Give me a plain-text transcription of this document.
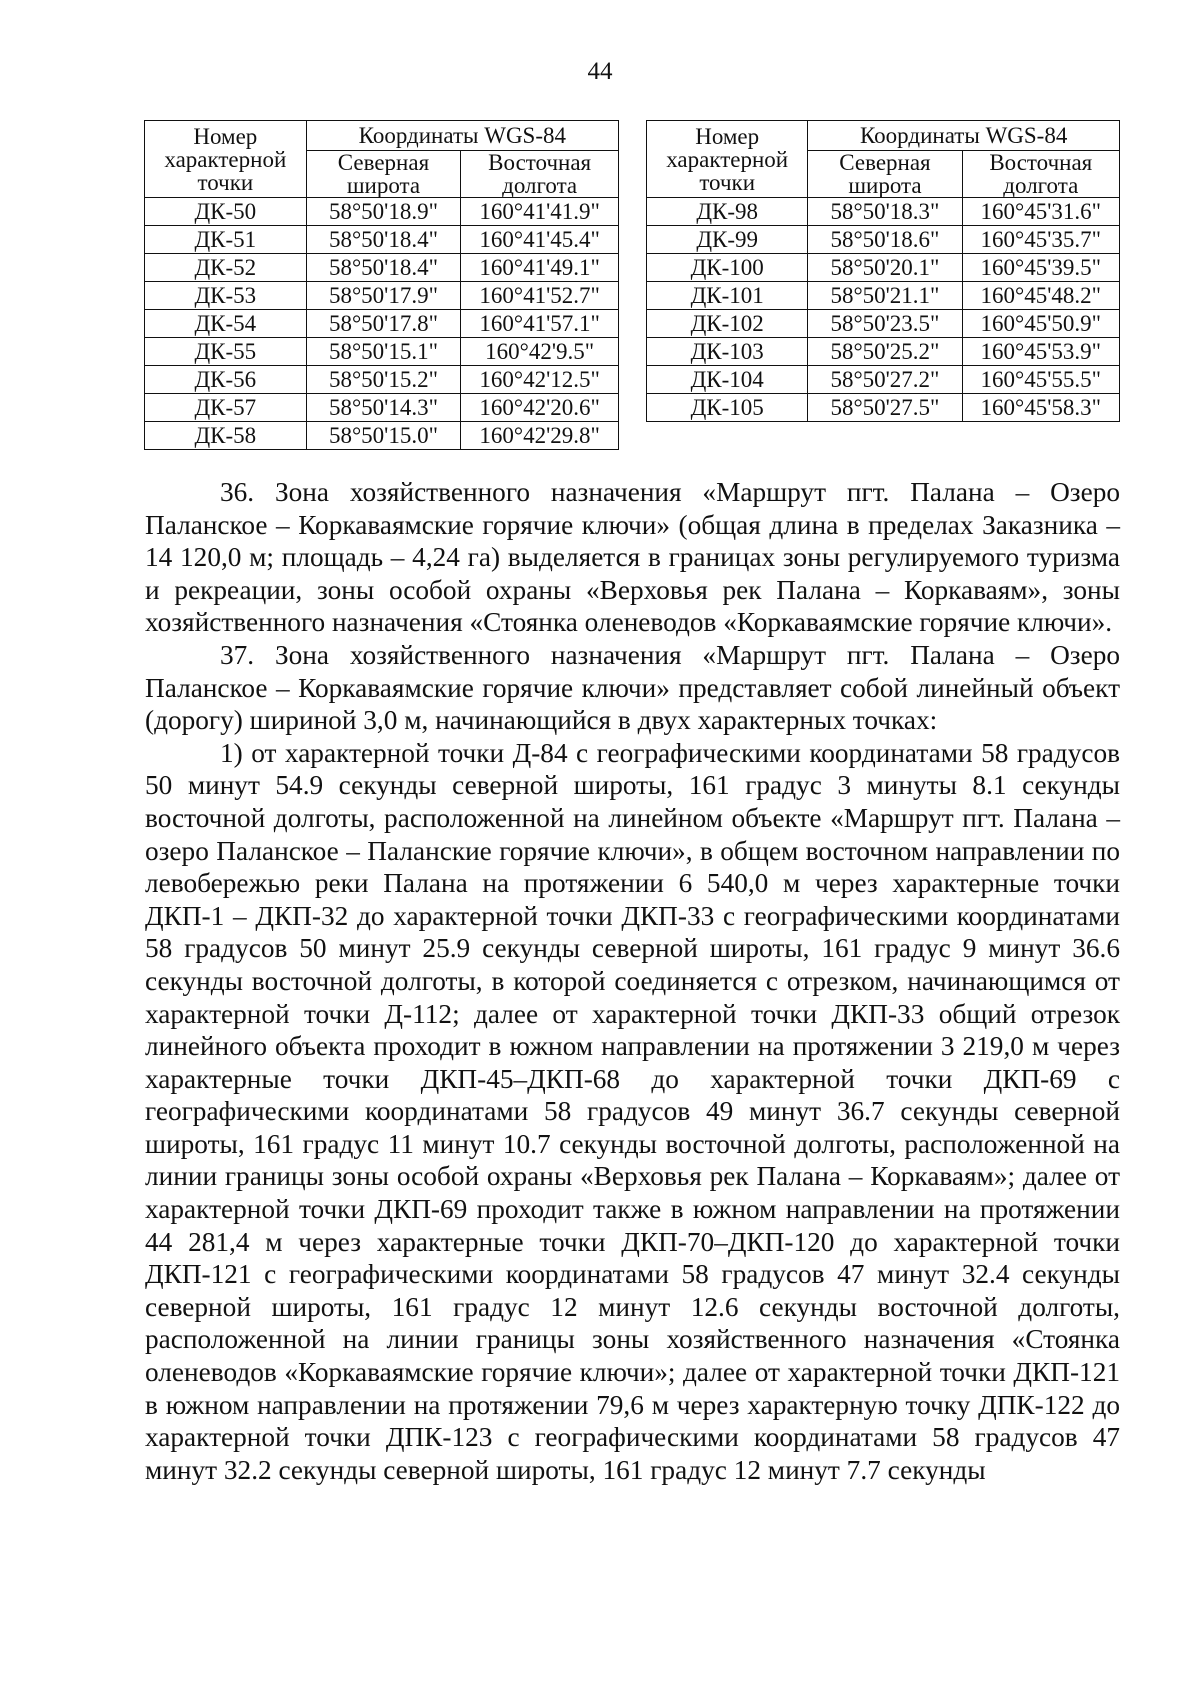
44
Номер характерной точки	Координаты WGS-84	
	Северная широта	Восточная долгота
ДК-50	58°50'18.9"	160°41'41.9"
ДК-51	58°50'18.4"	160°41'45.4"
ДК-52	58°50'18.4"	160°41'49.1"
ДК-53	58°50'17.9"	160°41'52.7"
ДК-54	58°50'17.8"	160°41'57.1"
ДК-55	58°50'15.1"	160°42'9.5"
ДК-56	58°50'15.2"	160°42'12.5"
ДК-57	58°50'14.3"	160°42'20.6"
ДК-58	58°50'15.0"	160°42'29.8"
Номер характерной точки	Координаты WGS-84	
	Северная широта	Восточная долгота
ДК-98	58°50'18.3"	160°45'31.6"
ДК-99	58°50'18.6"	160°45'35.7"
ДК-100	58°50'20.1"	160°45'39.5"
ДК-101	58°50'21.1"	160°45'48.2"
ДК-102	58°50'23.5"	160°45'50.9"
ДК-103	58°50'25.2"	160°45'53.9"
ДК-104	58°50'27.2"	160°45'55.5"
ДК-105	58°50'27.5"	160°45'58.3"

36. Зона хозяйственного назначения «Маршрут пгт. Палана – Озеро Паланское – Коркаваямские горячие ключи» (общая длина в пределах Заказника – 14 120,0 м; площадь – 4,24 га) выделяется в границах зоны регулируемого туризма и рекреации, зоны особой охраны «Верховья рек Палана – Коркаваям», зоны хозяйственного назначения «Стоянка оленеводов «Коркаваямские горячие ключи».

37. Зона хозяйственного назначения «Маршрут пгт. Палана – Озеро Паланское – Коркаваямские горячие ключи» представляет собой линейный объект (дорогу) шириной 3,0 м, начинающийся в двух характерных точках:

1) от характерной точки Д-84 с географическими координатами 58 градусов 50 минут 54.9 секунды северной широты, 161 градус 3 минуты 8.1 секунды восточной долготы, расположенной на линейном объекте «Маршрут пгт. Палана – озеро Паланское – Паланские горячие ключи», в общем восточном направлении по левобережью реки Палана на протяжении 6 540,0 м через характерные точки ДКП-1 – ДКП-32 до характерной точки ДКП-33 с географическими координатами 58 градусов 50 минут 25.9 секунды северной широты, 161 градус 9 минут 36.6 секунды восточной долготы, в которой соединяется с отрезком, начинающимся от характерной точки Д-112; далее от характерной точки ДКП-33 общий отрезок линейного объекта проходит в южном направлении на протяжении 3 219,0 м через характерные точки ДКП-45–ДКП-68 до характерной точки ДКП-69 с географическими координатами 58 градусов 49 минут 36.7 секунды северной широты, 161 градус 11 минут 10.7 секунды восточной долготы, расположенной на линии границы зоны особой охраны «Верховья рек Палана – Коркаваям»; далее от характерной точки ДКП-69 проходит также в южном направлении на протяжении 44 281,4 м через характерные точки ДКП-70–ДКП-120 до характерной точки ДКП-121 с географическими координатами 58 градусов 47 минут 32.4 секунды северной широты, 161 градус 12 минут 12.6 секунды восточной долготы, расположенной на линии границы зоны хозяйственного назначения «Стоянка оленеводов «Коркаваямские горячие ключи»; далее от характерной точки ДКП-121 в южном направлении на протяжении 79,6 м через характерную точку ДПК-122 до характерной точки ДПК-123 с географическими координатами 58 градусов 47 минут 32.2 секунды северной широты, 161 градус 12 минут 7.7 секунды
